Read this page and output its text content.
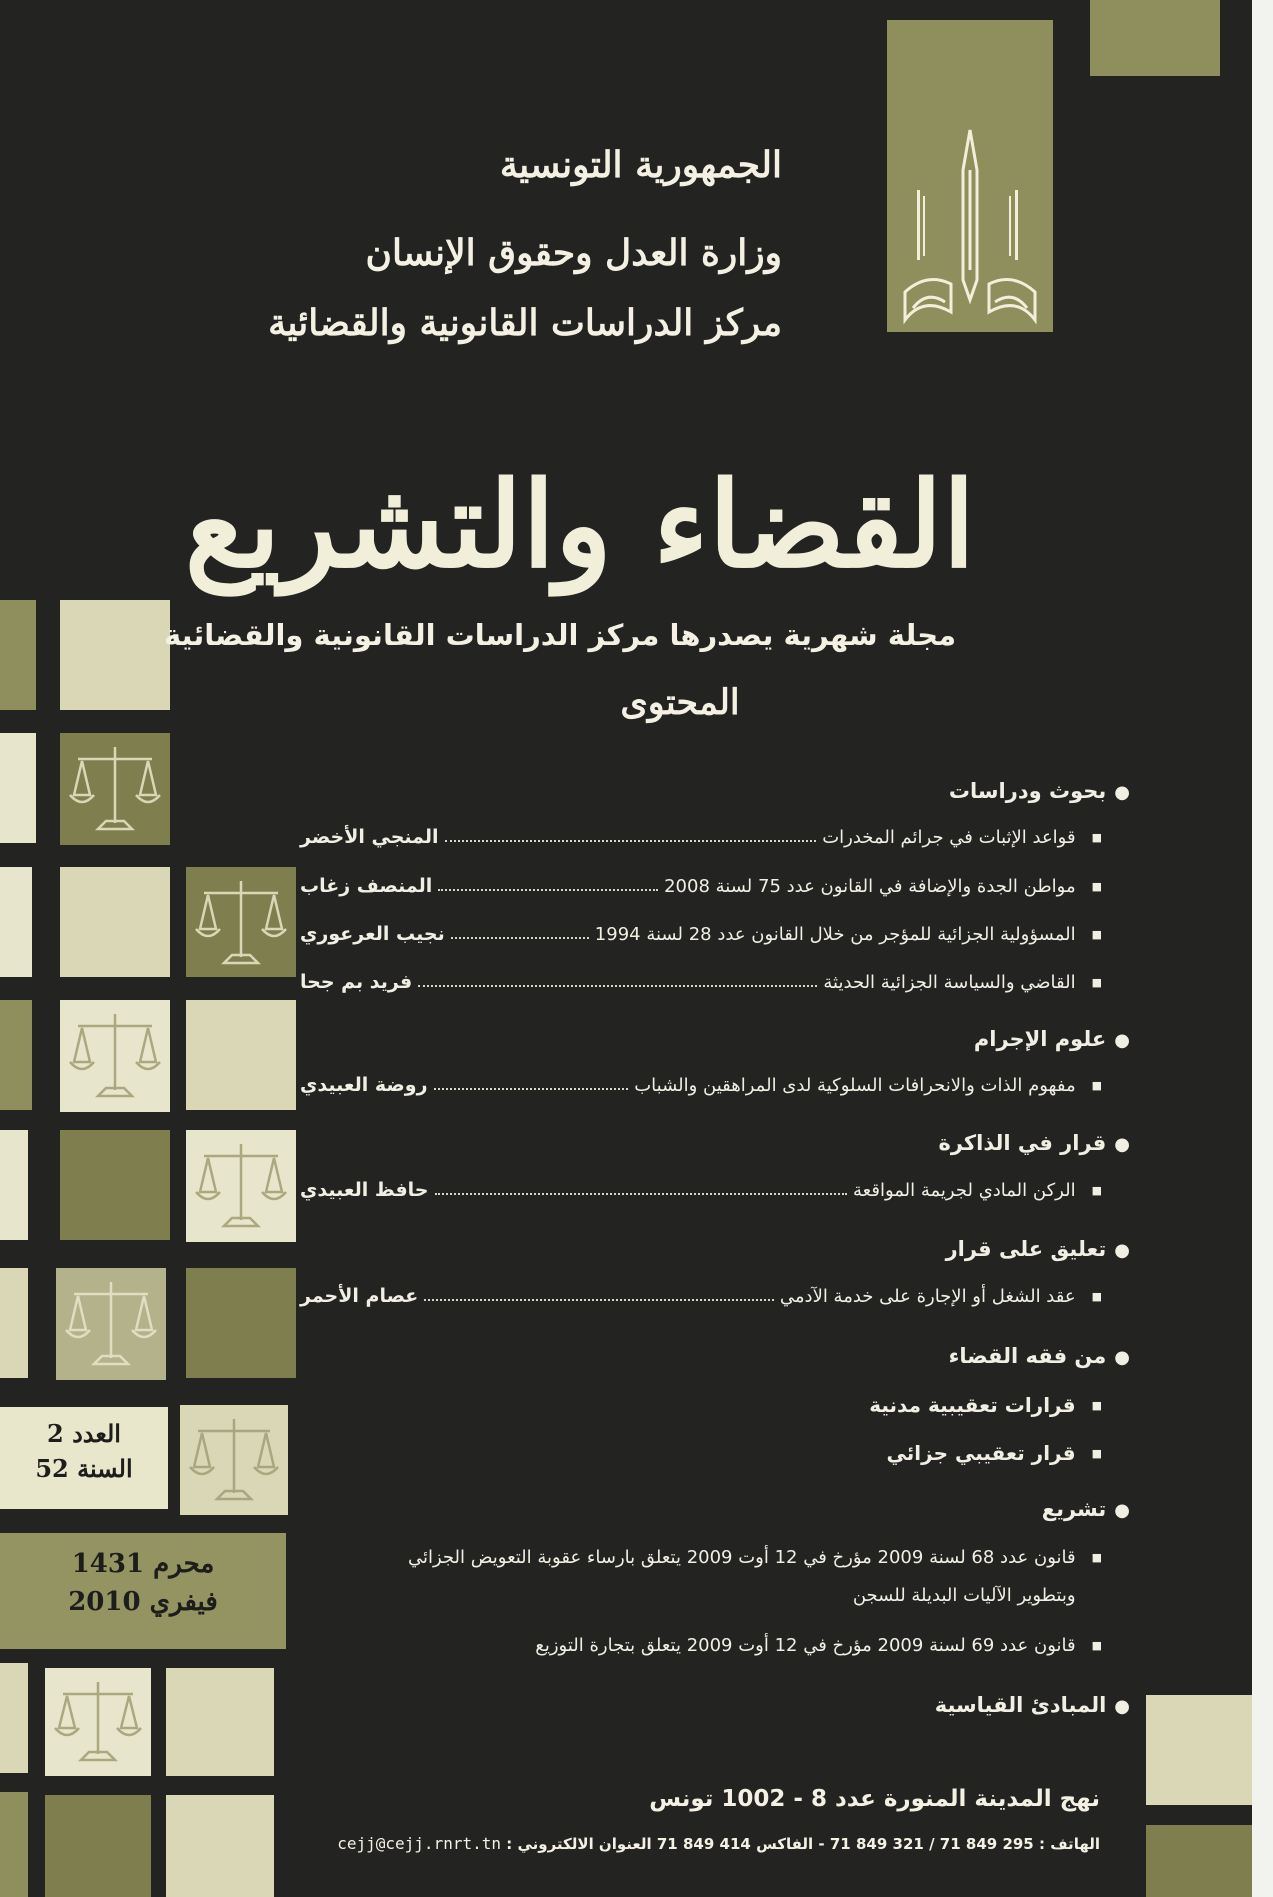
الجمهورية التونسية
وزارة العدل وحقوق الإنسان
مركز الدراسات القانونية والقضائية
القضاء والتشريع
مجلة شهرية يصدرها مركز الدراسات القانونية والقضائية
المحتوى
●بحوث ودراسات
■
قواعد الإثبات في جرائم المخدرات
المنجي الأخضر
■
مواطن الجدة والإضافة في القانون عدد 75 لسنة 2008
المنصف زغاب
■
المسؤولية الجزائية للمؤجر من خلال القانون عدد 28 لسنة 1994
نجيب العرعوري
■
القاضي والسياسة الجزائية الحديثة
فريد بم جحا
●علوم الإجرام
■
مفهوم الذات والانحرافات السلوكية لدى المراهقين والشباب
روضة العبيدي
●قرار في الذاكرة
■
الركن المادي لجريمة المواقعة
حافظ العبيدي
●تعليق على قرار
■
عقد الشغل أو الإجارة على خدمة الآدمي
عصام الأحمر
●من فقه القضاء
■
قرارات تعقيبية مدنية
■
قرار تعقيبي جزائي
●تشريع
■
قانون عدد 68 لسنة 2009 مؤرخ في 12 أوت 2009 يتعلق بارساء عقوبة التعويض الجزائي
وبتطوير الآليات البديلة للسجن
■
قانون عدد 69 لسنة 2009 مؤرخ في 12 أوت 2009 يتعلق بتجارة التوزيع
●المبادئ القياسية
العدد 2
السنة 52
محرم 1431
فيفري 2010
نهج المدينة المنورة عدد 8 - 1002 تونس
الهاتف : 295 849 71 / 321 849 71 - الفاكس 414 849 71 العنوان الالكتروني : cejj@cejj.rnrt.tn
